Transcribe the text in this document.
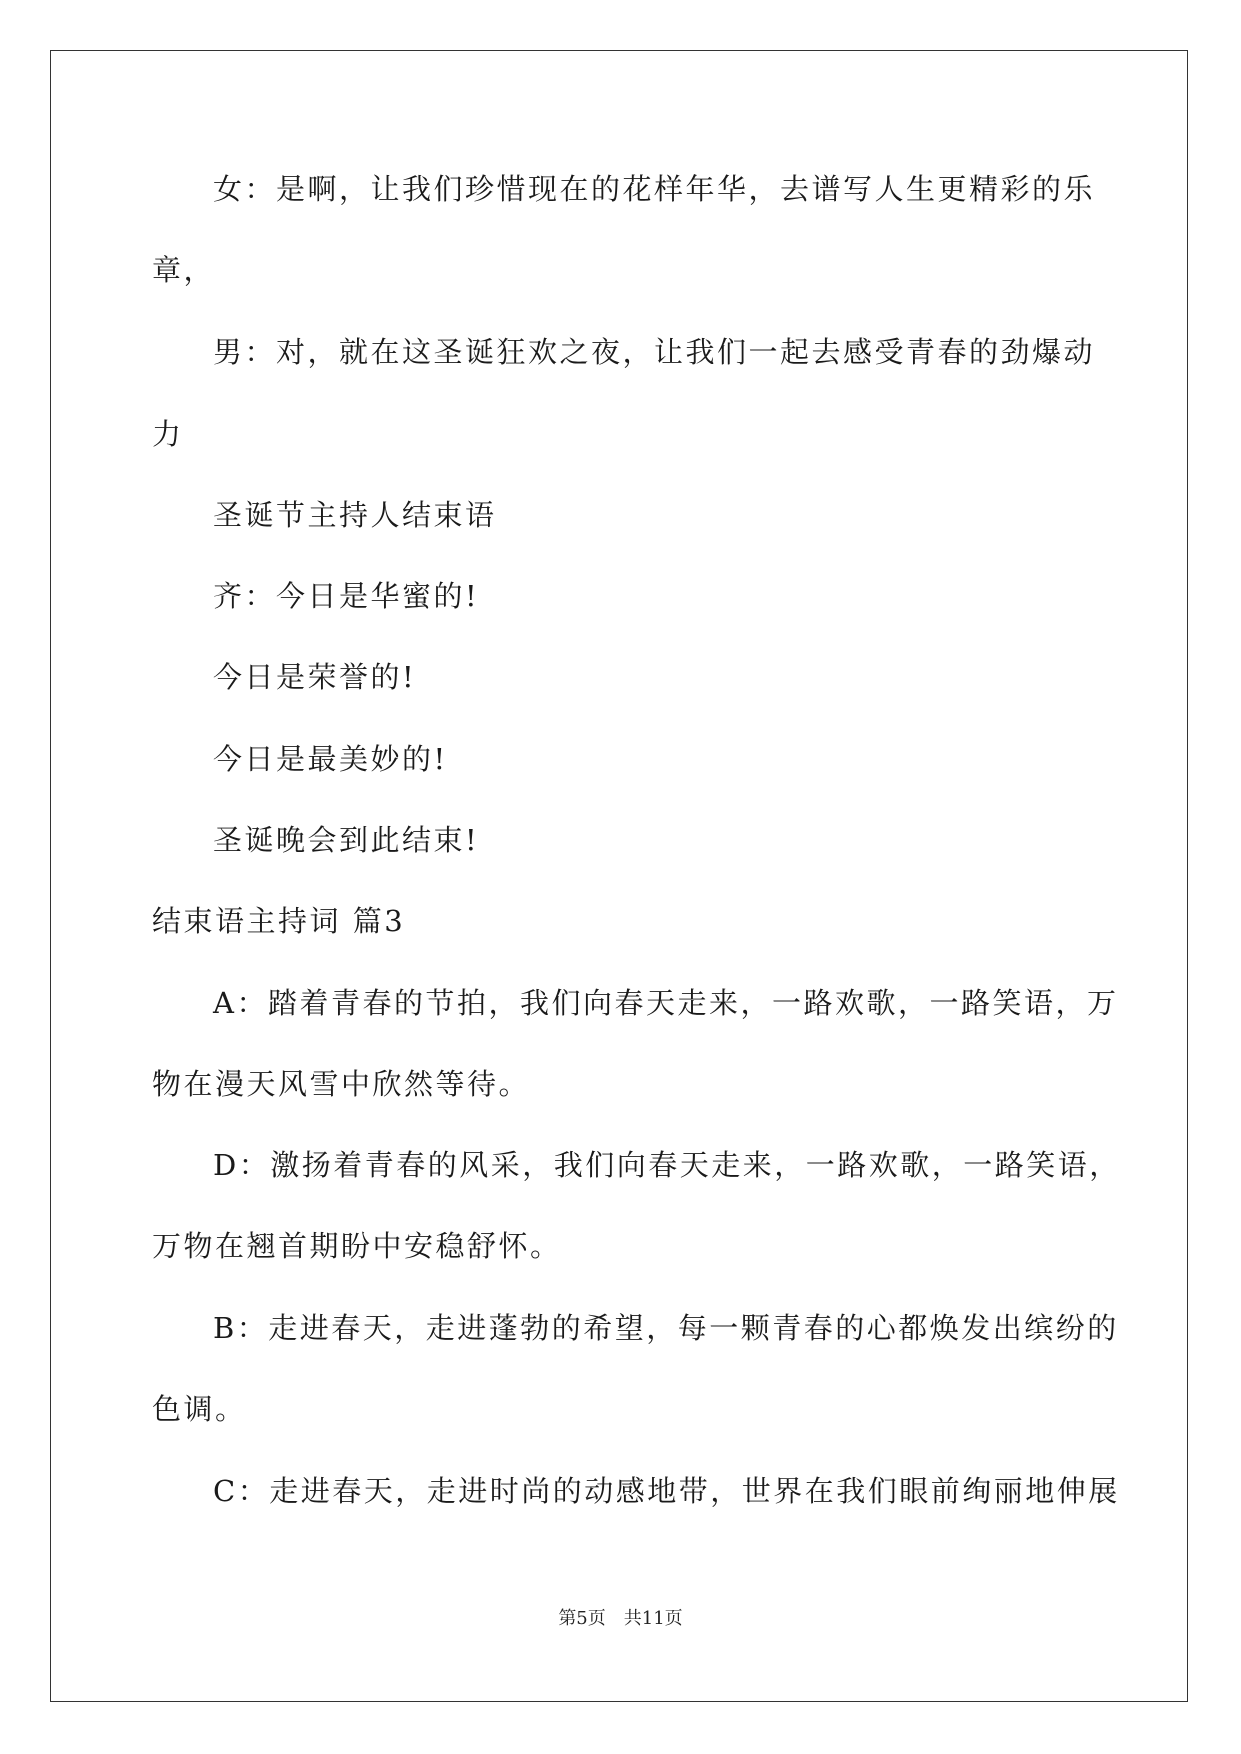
女：是啊，让我们珍惜现在的花样年华，去谱写人生更精彩的乐
章，
男：对，就在这圣诞狂欢之夜，让我们一起去感受青春的劲爆动
力
圣诞节主持人结束语
齐：今日是华蜜的!
今日是荣誉的!
今日是最美妙的!
圣诞晚会到此结束!
结束语主持词 篇3
A：踏着青春的节拍，我们向春天走来，一路欢歌，一路笑语，万
物在漫天风雪中欣然等待。
D：激扬着青春的风采，我们向春天走来，一路欢歌，一路笑语，
万物在翘首期盼中安稳舒怀。
B：走进春天，走进蓬勃的希望，每一颗青春的心都焕发出缤纷的
色调。
C：走进春天，走进时尚的动感地带，世界在我们眼前绚丽地伸展
第5页 共11页
